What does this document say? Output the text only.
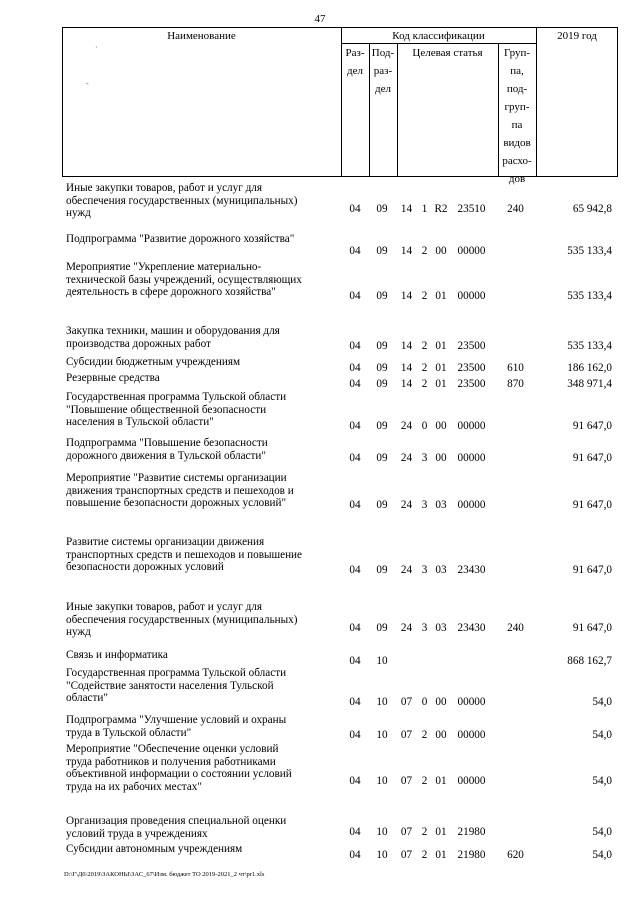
47
Наименование	Код классификации	2019 год
Раз-
дел
Под-
раз-
дел
Целевая статья	Груп-
па,
под-
груп-
па
видов
расхо-
дов
·
-
Иные закупки товаров, работ и услуг для
обеспечения государственных (муниципальных)
нужд	04	09	14 1 R2 23510	240	65 942,8
Подпрограмма "Развитие дорожного хозяйства"
04	09	14 2 00 00000	535 133,4
Мероприятие "Укрепление материально-
технической базы учреждений, осуществляющих
деятельность в сфере дорожного хозяйства"	04	09	14 2 01 00000	535 133,4
Закупка техники, машин и оборудования для
производства дорожных работ	04	09	14 2 01 23500	535 133,4
Субсидии бюджетным учреждениям	04	09	14 2 01 23500	610	186 162,0
Резервные средства	04	09	14 2 01 23500	870	348 971,4
Государственная программа Тульской области
"Повышение общественной безопасности
населения в Тульской области"	04	09	24 0 00 00000	91 647,0
Подпрограмма "Повышение безопасности
дорожного движения в Тульской области"	04	09	24 3 00 00000	91 647,0
Мероприятие "Развитие системы организации
движения транспортных средств и пешеходов и
повышение безопасности дорожных условий"	04	09	24 3 03 00000	91 647,0
Развитие системы организации движения
транспортных средств и пешеходов и повышение
безопасности дорожных условий	04	09	24 3 03 23430	91 647,0
Иные закупки товаров, работ и услуг для
обеспечения государственных (муниципальных)
нужд	04	09	24 3 03 23430	240	91 647,0
Связь и информатика	04	10	868 162,7
Государственная программа Тульской области
"Содействие занятости населения Тульской
области"	04	10	07 0 00 00000	54,0
Подпрограмма "Улучшение условий и охраны
труда в Тульской области"	04	10	07 2 00 00000	54,0
Мероприятие "Обеспечение оценки условий
труда работников и получения работниками
объективной информации о состоянии условий
труда на их рабочих местах"	04	10	07 2 01 00000	54,0
Организация проведения специальной оценки
условий труда в учреждениях	04	10	07 2 01 21980	54,0
Субсидии автономным учреждениям	04	10	07 2 01 21980	620	54,0
D:\Г\Д6\2019\ЗАКОНЫ\ЗАС_67\Изм. бюджет ТО 2019-2021_2 чт\pr1.xls
